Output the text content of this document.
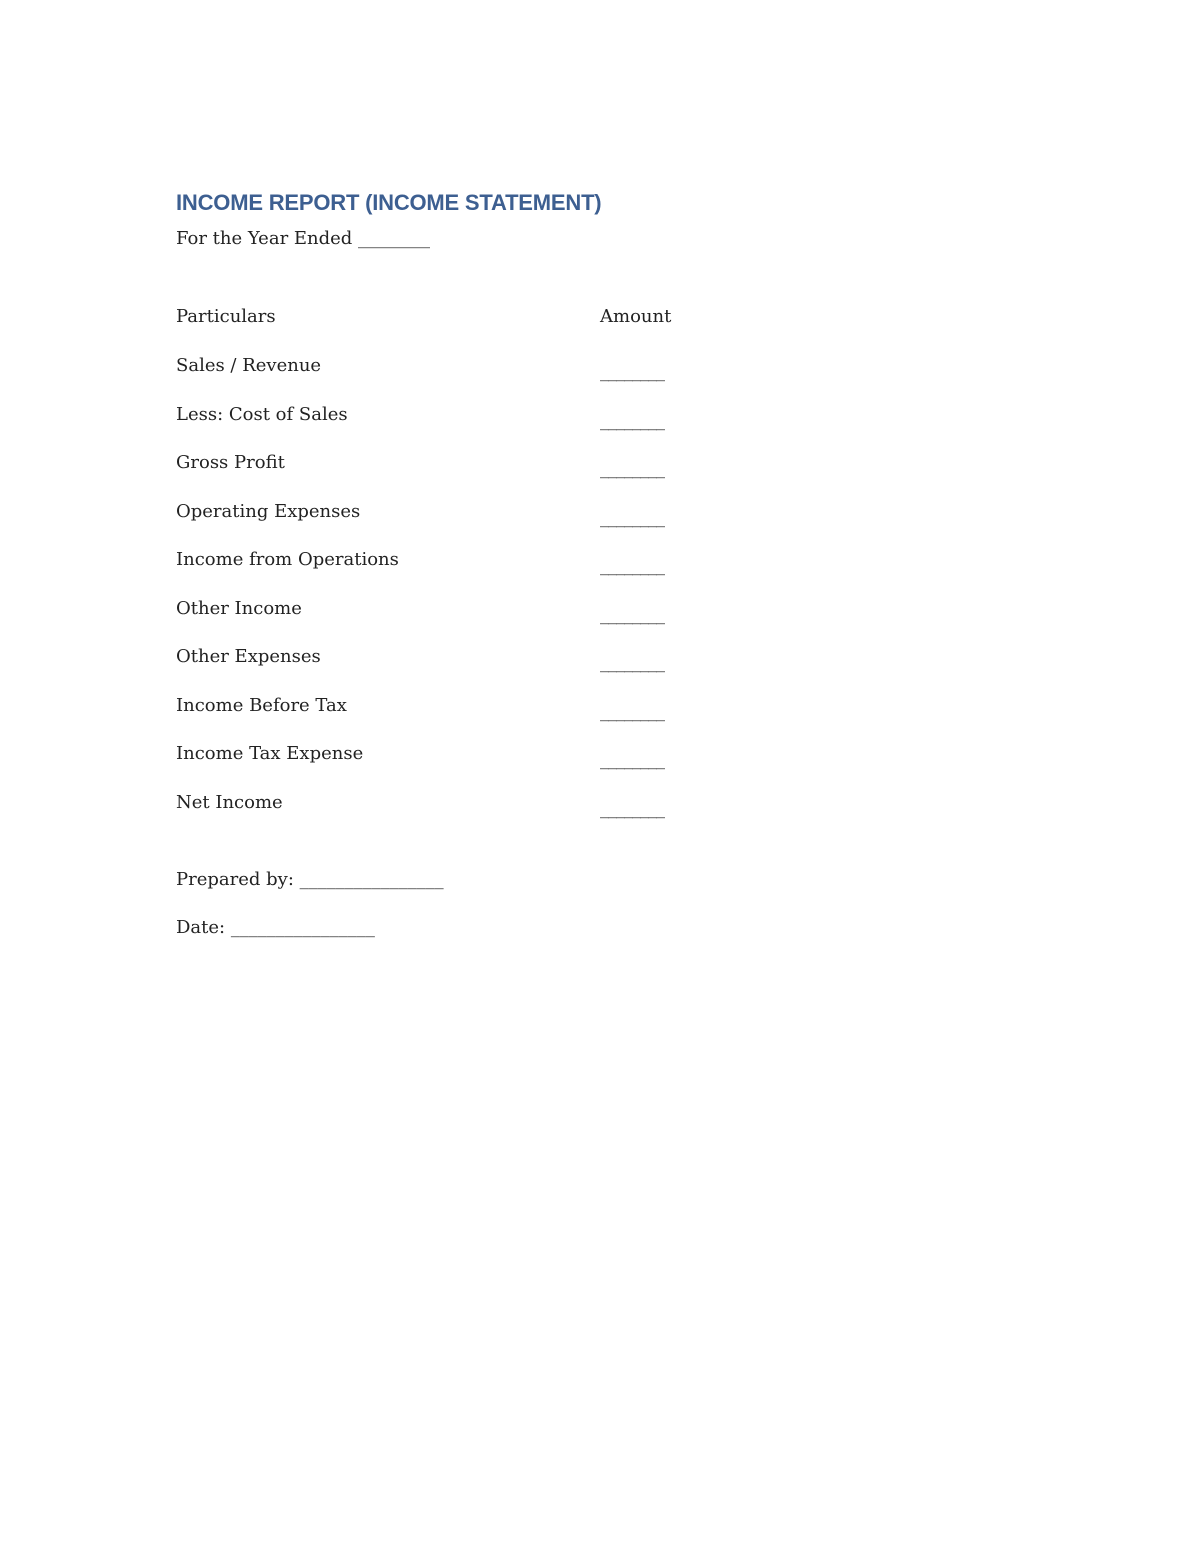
INCOME REPORT (INCOME STATEMENT)
For the Year Ended ________
Particulars	Amount
Sales / Revenue	________
Less: Cost of Sales	________
Gross Profit	________
Operating Expenses	________
Income from Operations	________
Other Income	________
Other Expenses	________
Income Before Tax	________
Income Tax Expense	________
Net Income	________
Prepared by: ________________
Date: ________________
